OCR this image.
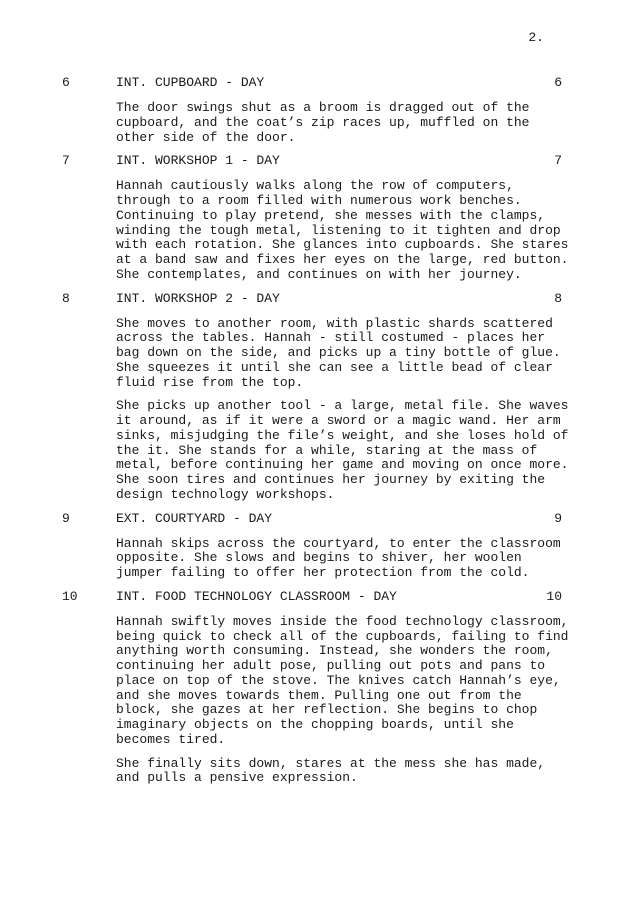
2.
6	INT. CUPBOARD - DAY	6
The door swings shut as a broom is dragged out of the
cupboard, and the coat’s zip races up, muffled on the
other side of the door.
7	INT. WORKSHOP 1 - DAY	7
Hannah cautiously walks along the row of computers,
through to a room filled with numerous work benches.
Continuing to play pretend, she messes with the clamps,
winding the tough metal, listening to it tighten and drop
with each rotation. She glances into cupboards. She stares
at a band saw and fixes her eyes on the large, red button.
She contemplates, and continues on with her journey.
8	INT. WORKSHOP 2 - DAY	8
She moves to another room, with plastic shards scattered
across the tables. Hannah - still costumed - places her
bag down on the side, and picks up a tiny bottle of glue.
She squeezes it until she can see a little bead of clear
fluid rise from the top.
She picks up another tool - a large, metal file. She waves
it around, as if it were a sword or a magic wand. Her arm
sinks, misjudging the file’s weight, and she loses hold of
the it. She stands for a while, staring at the mass of
metal, before continuing her game and moving on once more.
She soon tires and continues her journey by exiting the
design technology workshops.
9	EXT. COURTYARD - DAY	9
Hannah skips across the courtyard, to enter the classroom
opposite. She slows and begins to shiver, her woolen
jumper failing to offer her protection from the cold.
10	INT. FOOD TECHNOLOGY CLASSROOM - DAY	10
Hannah swiftly moves inside the food technology classroom,
being quick to check all of the cupboards, failing to find
anything worth consuming. Instead, she wonders the room,
continuing her adult pose, pulling out pots and pans to
place on top of the stove. The knives catch Hannah’s eye,
and she moves towards them. Pulling one out from the
block, she gazes at her reflection. She begins to chop
imaginary objects on the chopping boards, until she
becomes tired.
She finally sits down, stares at the mess she has made,
and pulls a pensive expression.
